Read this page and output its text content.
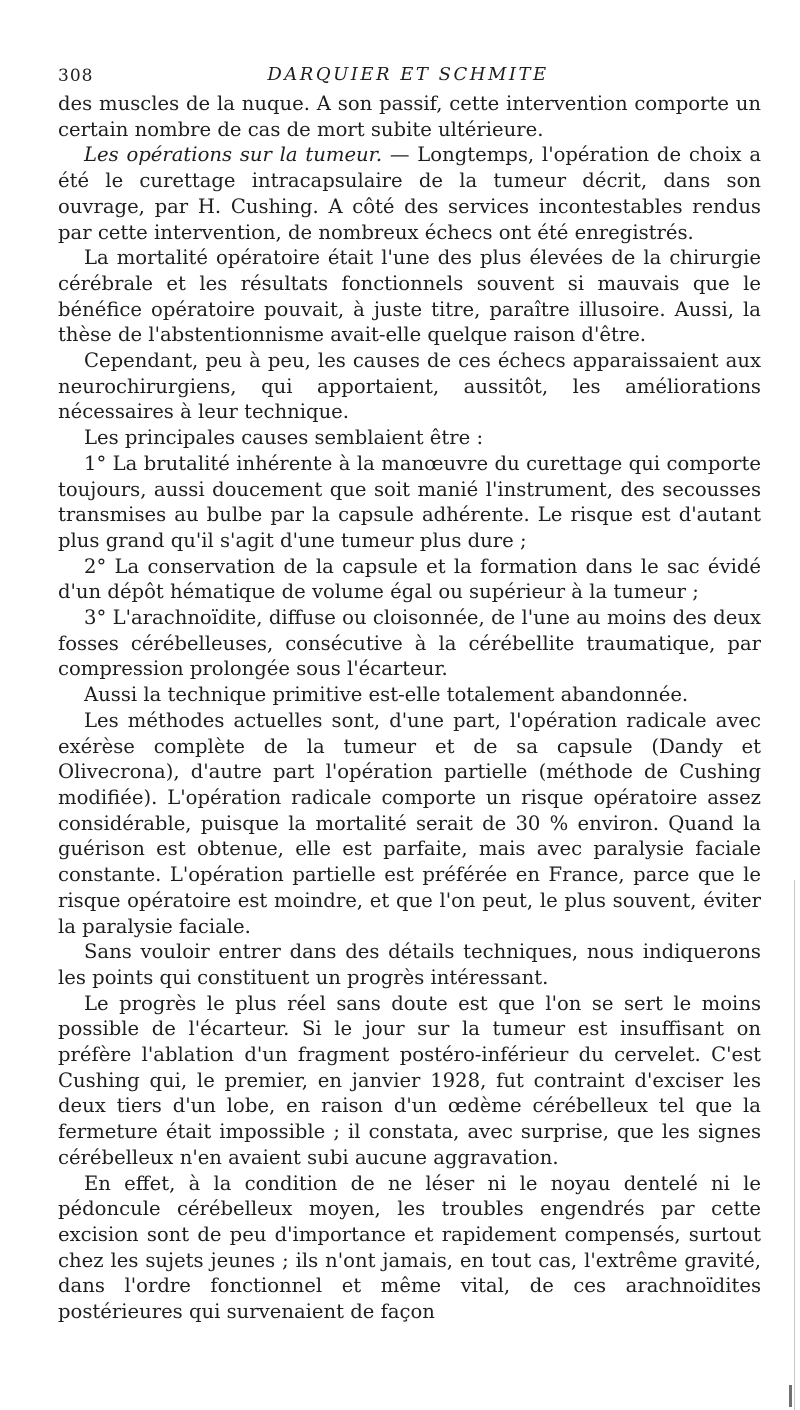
308	DARQUIER ET SCHMITE

des muscles de la nuque. A son passif, cette intervention comporte un certain nombre de cas de mort subite ultérieure.

Les opérations sur la tumeur. — Longtemps, l'opération de choix a été le curettage intracapsulaire de la tumeur décrit, dans son ouvrage, par H. Cushing. A côté des services incontestables rendus par cette intervention, de nombreux échecs ont été enregistrés.

La mortalité opératoire était l'une des plus élevées de la chirurgie cérébrale et les résultats fonctionnels souvent si mauvais que le bénéfice opératoire pouvait, à juste titre, paraître illusoire. Aussi, la thèse de l'abstentionnisme avait-elle quelque raison d'être.

Cependant, peu à peu, les causes de ces échecs apparaissaient aux neurochirurgiens, qui apportaient, aussitôt, les améliorations nécessaires à leur technique.

Les principales causes semblaient être :

1° La brutalité inhérente à la manœuvre du curettage qui comporte toujours, aussi doucement que soit manié l'instrument, des secousses transmises au bulbe par la capsule adhérente. Le risque est d'autant plus grand qu'il s'agit d'une tumeur plus dure ;

2° La conservation de la capsule et la formation dans le sac évidé d'un dépôt hématique de volume égal ou supérieur à la tumeur ;

3° L'arachnoïdite, diffuse ou cloisonnée, de l'une au moins des deux fosses cérébelleuses, consécutive à la cérébellite traumatique, par compression prolongée sous l'écarteur.

Aussi la technique primitive est-elle totalement abandonnée.

Les méthodes actuelles sont, d'une part, l'opération radicale avec exérèse complète de la tumeur et de sa capsule (Dandy et Olivecrona), d'autre part l'opération partielle (méthode de Cushing modifiée). L'opération radicale comporte un risque opératoire assez considérable, puisque la mortalité serait de 30 % environ. Quand la guérison est obtenue, elle est parfaite, mais avec paralysie faciale constante. L'opération partielle est préférée en France, parce que le risque opératoire est moindre, et que l'on peut, le plus souvent, éviter la paralysie faciale.

Sans vouloir entrer dans des détails techniques, nous indiquerons les points qui constituent un progrès intéressant.

Le progrès le plus réel sans doute est que l'on se sert le moins possible de l'écarteur. Si le jour sur la tumeur est insuffisant on préfère l'ablation d'un fragment postéro-inférieur du cervelet. C'est Cushing qui, le premier, en janvier 1928, fut contraint d'exciser les deux tiers d'un lobe, en raison d'un œdème cérébelleux tel que la fermeture était impossible ; il constata, avec surprise, que les signes cérébelleux n'en avaient subi aucune aggravation.

En effet, à la condition de ne léser ni le noyau dentelé ni le pédoncule cérébelleux moyen, les troubles engendrés par cette excision sont de peu d'importance et rapidement compensés, surtout chez les sujets jeunes ; ils n'ont jamais, en tout cas, l'extrême gravité, dans l'ordre fonctionnel et même vital, de ces arachnoïdites postérieures qui survenaient de façon
